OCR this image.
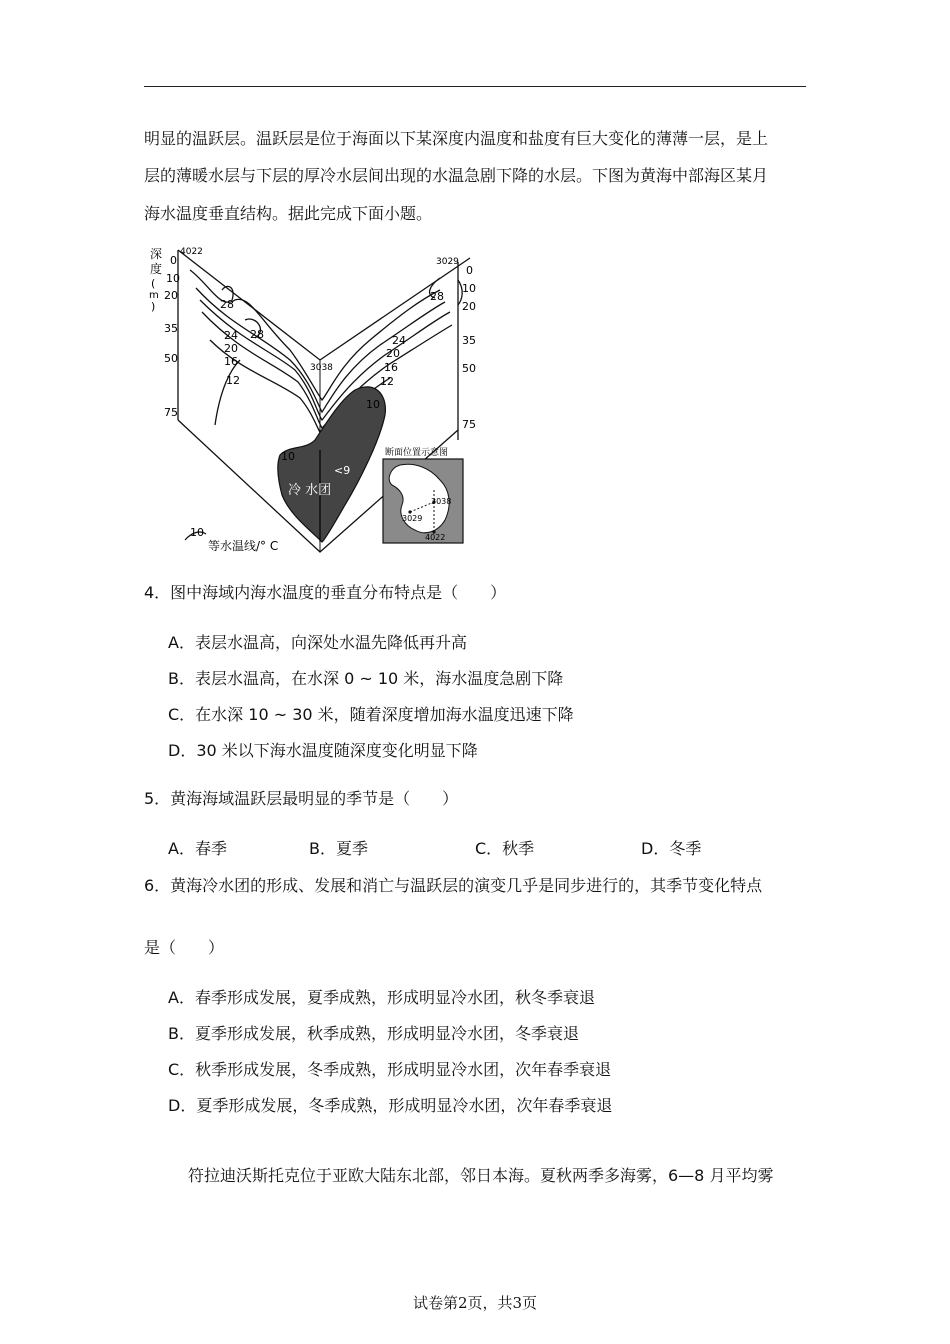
明显的温跃层。温跃层是位于海面以下某深度内温度和盐度有巨大变化的薄薄一层，是上
层的薄暖水层与下层的厚冷水层间出现的水温急剧下降的水层。下图为黄海中部海区某月
海水温度垂直结构。据此完成下面小题。
深
度
(
m
)
4022
3029
3038
0
10
20
35
50
75
0
10
20
35
50
75
28
28
24
20
16
12
10
28
24
20
16
12
10
<9
冷 水团
10
等水温线/° C
断面位置示意图
3038
3029
4022
4．图中海域内海水温度的垂直分布特点是（　　）
A．表层水温高，向深处水温先降低再升高
B．表层水温高，在水深 0 ~ 10 米，海水温度急剧下降
C．在水深 10 ~ 30 米，随着深度增加海水温度迅速下降
D．30 米以下海水温度随深度变化明显下降
5．黄海海域温跃层最明显的季节是（　　）
A．春季	B．夏季	C．秋季	D．冬季
6．黄海冷水团的形成、发展和消亡与温跃层的演变几乎是同步进行的，其季节变化特点
是（　　）
A．春季形成发展，夏季成熟，形成明显冷水团，秋冬季衰退
B．夏季形成发展，秋季成熟，形成明显冷水团，冬季衰退
C．秋季形成发展，冬季成熟，形成明显冷水团，次年春季衰退
D．夏季形成发展，冬季成熟，形成明显冷水团，次年春季衰退
符拉迪沃斯托克位于亚欧大陆东北部，邻日本海。夏秋两季多海雾，6—8 月平均雾
试卷第2页，共3页
